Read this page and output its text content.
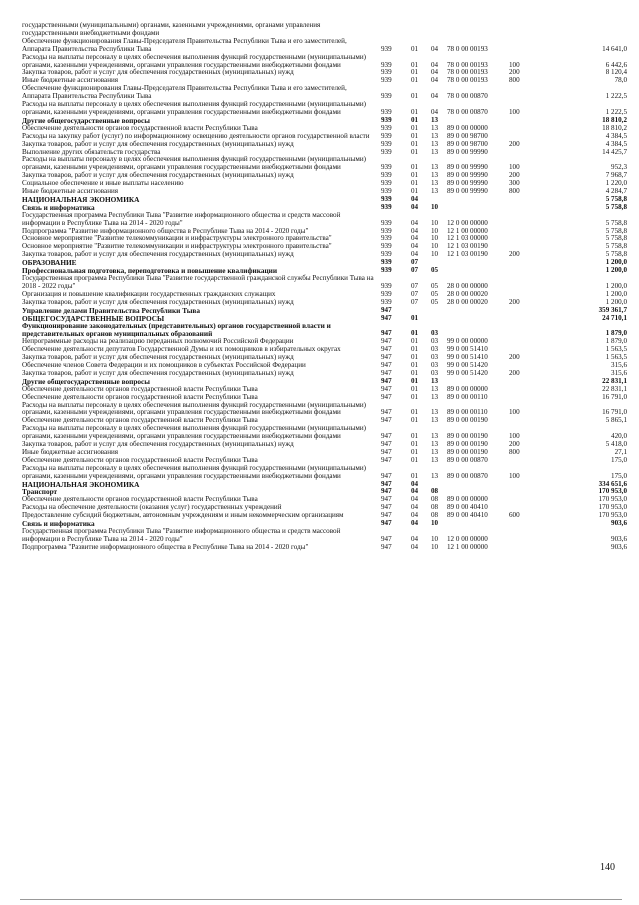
государственными (муниципальными) органами, казенными учреждениями, органами управления государственными внебюджетными фондами						
Обеспечение функционирования Главы-Председателя Правительства Республики Тыва и его заместителей, Аппарата Правительства Республики Тыва	939	01	04	78 0 00 00193		14 641,0
Расходы на выплаты персоналу в целях обеспечения выполнения функций государственными (муниципальными) органами, казенными учреждениями, органами управления государственными внебюджетными фондами	939	01	04	78 0 00 00193	100	6 442,6
Закупка товаров, работ и услуг для обеспечения государственных (муниципальных) нужд	939	01	04	78 0 00 00193	200	8 120,4
Иные бюджетные ассигнования	939	01	04	78 0 00 00193	800	78,0
Обеспечение функционирования Главы-Председателя Правительства Республики Тыва и его заместителей, Аппарата Правительства Республики Тыва	939	01	04	78 0 00 00870		1 222,5
Расходы на выплаты персоналу в целях обеспечения выполнения функций государственными (муниципальными) органами, казенными учреждениями, органами управления государственными внебюджетными фондами	939	01	04	78 0 00 00870	100	1 222,5
Другие общегосударственные вопросы	939	01	13			18 810,2
Обеспечение деятельности органов государственной власти Республики Тыва	939	01	13	89 0 00 00000		18 810,2
Расходы на закупку работ (услуг) по информационному освещению деятельности органов государственной власти	939	01	13	89 0 00 98700		4 384,5
Закупка товаров, работ и услуг для обеспечения государственных (муниципальных) нужд	939	01	13	89 0 00 98700	200	4 384,5
Выполнение других обязательств государства	939	01	13	89 0 00 99990		14 425,7
Расходы на выплаты персоналу в целях обеспечения выполнения функций государственными (муниципальными) органами, казенными учреждениями, органами управления государственными внебюджетными фондами	939	01	13	89 0 00 99990	100	952,3
Закупка товаров, работ и услуг для обеспечения государственных (муниципальных) нужд	939	01	13	89 0 00 99990	200	7 968,7
Социальное обеспечение и иные выплаты населению	939	01	13	89 0 00 99990	300	1 220,0
Иные бюджетные ассигнования	939	01	13	89 0 00 99990	800	4 284,7
НАЦИОНАЛЬНАЯ ЭКОНОМИКА	939	04				5 758,8
Связь и информатика	939	04	10			5 758,8
Государственная программа Республики Тыва "Развитие информационного общества и средств массовой информации в Республике Тыва на 2014 - 2020 годы"	939	04	10	12 0 00 00000		5 758,8
Подпрограмма "Развитие информационного общества в Республике Тыва на 2014 - 2020 годы"	939	04	10	12 1 00 00000		5 758,8
Основное мероприятие "Развитие телекоммуникации и инфраструктуры электронного правительства"	939	04	10	12 1 03 00000		5 758,8
Основное мероприятие "Развитие телекоммуникации и инфраструктуры электронного правительства"	939	04	10	12 1 03 00190		5 758,8
Закупка товаров, работ и услуг для обеспечения государственных (муниципальных) нужд	939	04	10	12 1 03 00190	200	5 758,8
ОБРАЗОВАНИЕ	939	07				1 200,0
Профессиональная подготовка, переподготовка и повышение квалификации	939	07	05			1 200,0
Государственная программа Республики Тыва "Развитие государственной гражданской службы Республики Тыва на 2018 - 2022 годы"	939	07	05	28 0 00 00000		1 200,0
Организация и повышение квалификации государственных гражданских служащих	939	07	05	28 0 00 00020		1 200,0
Закупка товаров, работ и услуг для обеспечения государственных (муниципальных) нужд	939	07	05	28 0 00 00020	200	1 200,0
Управление делами Правительства Республики Тыва	947					359 361,7
ОБЩЕГОСУДАРСТВЕННЫЕ ВОПРОСЫ	947	01				24 710,1
Функционирование законодательных (представительных) органов государственной власти и представительных органов муниципальных образований	947	01	03			1 879,0
Непрограммные расходы на реализацию переданных полномочий Российской Федерации	947	01	03	99 0 00 00000		1 879,0
Обеспечение деятельности депутатов Государственной Думы и их помощников в избирательных округах	947	01	03	99 0 00 51410		1 563,5
Закупка товаров, работ и услуг для обеспечения государственных (муниципальных) нужд	947	01	03	99 0 00 51410	200	1 563,5
Обеспечение членов Совета Федерации и их помощников в субъектах Российской Федерации	947	01	03	99 0 00 51420		315,6
Закупка товаров, работ и услуг для обеспечения государственных (муниципальных) нужд	947	01	03	99 0 00 51420	200	315,6
Другие общегосударственные вопросы	947	01	13			22 831,1
Обеспечение деятельности органов государственной власти Республики Тыва	947	01	13	89 0 00 00000		22 831,1
Обеспечение деятельности органов государственной власти Республики Тыва	947	01	13	89 0 00 00110		16 791,0
Расходы на выплаты персоналу в целях обеспечения выполнения функций государственными (муниципальными) органами, казенными учреждениями, органами управления государственными внебюджетными фондами	947	01	13	89 0 00 00110	100	16 791,0
Обеспечение деятельности органов государственной власти Республики Тыва	947	01	13	89 0 00 00190		5 865,1
Расходы на выплаты персоналу в целях обеспечения выполнения функций государственными (муниципальными) органами, казенными учреждениями, органами управления государственными внебюджетными фондами	947	01	13	89 0 00 00190	100	420,0
Закупка товаров, работ и услуг для обеспечения государственных (муниципальных) нужд	947	01	13	89 0 00 00190	200	5 418,0
Иные бюджетные ассигнования	947	01	13	89 0 00 00190	800	27,1
Обеспечение деятельности органов государственной власти Республики Тыва	947	01	13	89 0 00 00870		175,0
Расходы на выплаты персоналу в целях обеспечения выполнения функций государственными (муниципальными) органами, казенными учреждениями, органами управления государственными внебюджетными фондами	947	01	13	89 0 00 00870	100	175,0
НАЦИОНАЛЬНАЯ ЭКОНОМИКА	947	04				334 651,6
Транспорт	947	04	08			170 953,0
Обеспечение деятельности органов государственной власти Республики Тыва	947	04	08	89 0 00 00000		170 953,0
Расходы на обеспечение деятельности (оказания услуг) государственных учреждений	947	04	08	89 0 00 40410		170 953,0
Предоставление субсидий бюджетным, автономным учреждениям и иным некоммерческим организациям	947	04	08	89 0 00 40410	600	170 953,0
Связь и информатика	947	04	10			903,6
Государственная программа Республики Тыва "Развитие информационного общества и средств массовой информации в Республике Тыва на 2014 - 2020 годы"	947	04	10	12 0 00 00000		903,6
Подпрограмма "Развитие информационного общества в Республике Тыва на 2014 - 2020 годы"	947	04	10	12 1 00 00000		903,6
140
